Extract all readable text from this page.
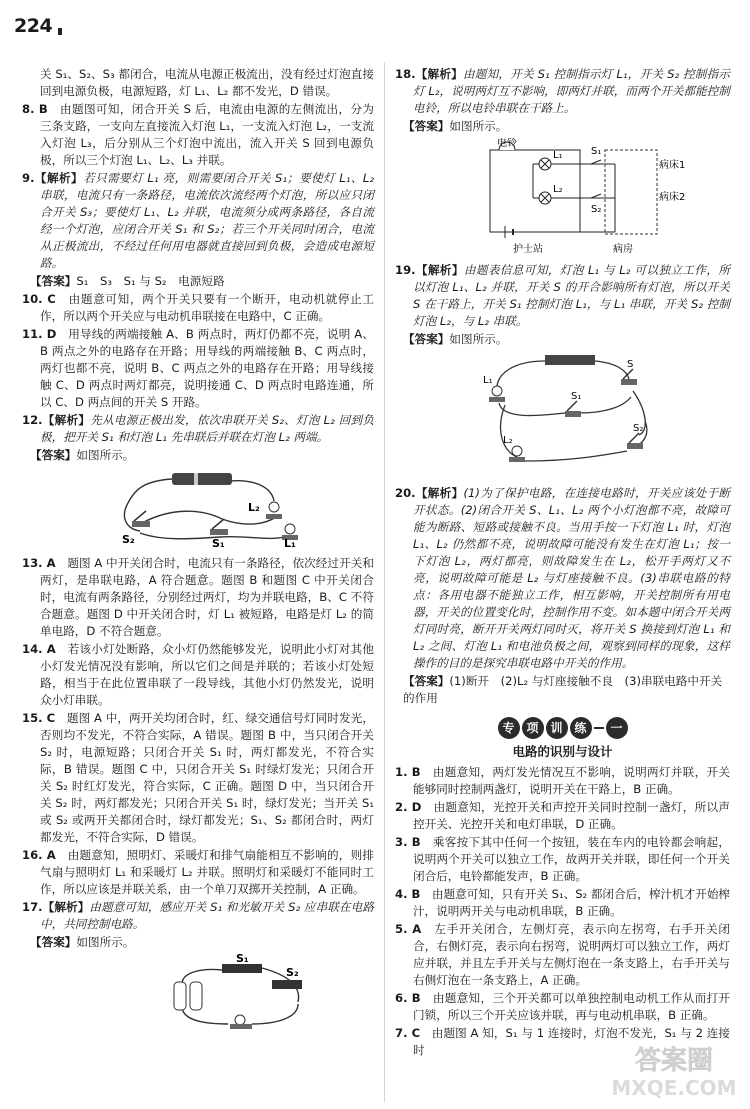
224

关 S₁、S₂、S₃ 都闭合，电流从电源正极流出，没有经过灯泡直接回到电源负极，电源短路，灯 L₁、L₂ 都不发光，D 错误。

8. B　 由题图可知，闭合开关 S 后，电流由电源的左侧流出，分为三条支路，一支向左直接流入灯泡 L₁，一支流入灯泡 L₂，一支流入灯泡 L₃，后分别从三个灯泡中流出，流入开关 S 回到电源负极，所以三个灯泡 L₁、L₂、L₃ 并联。

9.【解析】若只需要灯 L₁ 亮，则需要闭合开关 S₁；要使灯 L₁、L₂ 串联，电流只有一条路径，电流依次流经两个灯泡，所以应只闭合开关 S₃；要使灯 L₁、L₂ 并联，电流须分成两条路径，各自流经一个灯泡，应闭合开关 S₁ 和 S₂；若三个开关同时闭合，电流从正极流出，不经过任何用电器就直接回到负极，会造成电源短路。

【答案】S₁　S₃　S₁ 与 S₂　电源短路

10. C　 由题意可知，两个开关只要有一个断开，电动机就停止工作，所以两个开关应与电动机串联接在电路中，C 正确。

11. D　 用导线的两端接触 A、B 两点时，两灯仍都不亮，说明 A、B 两点之外的电路存在开路；用导线的两端接触 B、C 两点时，两灯也都不亮，说明 B、C 两点之外的电路存在开路；用导线接触 C、D 两点时两灯都亮，说明接通 C、D 两点时电路连通，所以 C、D 两点间的开关 S 开路。

12.【解析】先从电源正极出发，依次串联开关 S₂、灯泡 L₂ 回到负极，把开关 S₁ 和灯泡 L₁ 先串联后并联在灯泡 L₂ 两端。

【答案】如图所示。

S₂	S₁	L₁
L₂

13. A　 题图 A 中开关闭合时，电流只有一条路径，依次经过开关和两灯，是串联电路，A 符合题意。题图 B 和题图 C 中开关闭合时，电流有两条路径，分别经过两灯，均为并联电路，B、C 不符合题意。题图 D 中开关闭合时，灯 L₁ 被短路，电路是灯 L₂ 的简单电路，D 不符合题意。

14. A　 若该小灯处断路，众小灯仍然能够发光，说明此小灯对其他小灯发光情况没有影响，所以它们之间是并联的；若该小灯处短路，相当于在此位置串联了一段导线，其他小灯仍然发光，说明众小灯串联。

15. C　 题图 A 中，两开关均闭合时，红、绿交通信号灯同时发光，否则均不发光，不符合实际，A 错误。题图 B 中，当只闭合开关 S₂ 时，电源短路；只闭合开关 S₁ 时，两灯都发光，不符合实际，B 错误。题图 C 中，只闭合开关 S₁ 时绿灯发光；只闭合开关 S₂ 时红灯发光，符合实际，C 正确。题图 D 中，当只闭合开关 S₂ 时，两灯都发光；只闭合开关 S₁ 时，绿灯发光；当开关 S₁ 或 S₂ 或两开关都闭合时，绿灯都发光；S₁、S₂ 都闭合时，两灯都发光，不符合实际，D 错误。

16. A　 由题意知，照明灯、采暖灯和排气扇能相互不影响的，则排气扇与照明灯 L₁ 和采暖灯 L₂ 并联。照明灯和采暖灯不能同时工作，所以应该是并联关系，由一个单刀双掷开关控制，A 正确。

17.【解析】由题意可知，感应开关 S₁ 和光敏开关 S₂ 应串联在电路中，共同控制电路。

【答案】如图所示。

S₁
S₂

18.【解析】由题知，开关 S₁ 控制指示灯 L₁，开关 S₂ 控制指示灯 L₂，说明两灯互不影响，即两灯并联，而两个开关都能控制电铃，所以电铃串联在干路上。

【答案】如图所示。

电铃
L₁
L₂
S₁
S₂
病床1
病床2
护士站	病房

19.【解析】由题表信息可知，灯泡 L₁ 与 L₂ 可以独立工作，所以灯泡 L₁、L₂ 并联，开关 S 的开合影响所有灯泡，所以开关 S 在干路上，开关 S₁ 控制灯泡 L₁，与 L₁ 串联，开关 S₂ 控制灯泡 L₂，与 L₂ 串联。

【答案】如图所示。

L₁
L₂
S
S₁
S₂

20.【解析】(1)为了保护电路，在连接电路时，开关应该处于断开状态。(2)闭合开关 S、L₁、L₂ 两个小灯泡都不亮，故障可能为断路、短路或接触不良。当用手按一下灯泡 L₁ 时，灯泡 L₁、L₂ 仍然都不亮，说明故障可能没有发生在灯泡 L₁；按一下灯泡 L₂，两灯都亮，则故障发生在 L₂，松开手两灯又不亮，说明故障可能是 L₂ 与灯座接触不良。(3)串联电路的特点：各用电器不能独立工作，相互影响，开关控制所有用电器，开关的位置变化时，控制作用不变。如本题中闭合开关两灯同时亮，断开开关两灯同时灭，将开关 S 换接到灯泡 L₁ 和 L₂ 之间、灯泡 L₁ 和电池负极之间，观察到同样的现象，这样操作的目的是探究串联电路中开关的作用。

【答案】(1)断开　(2)L₂ 与灯座接触不良　(3)串联电路中开关的作用

专 项 训 练	一
电路的识别与设计

1. B　 由题意知，两灯发光情况互不影响，说明两灯并联，开关能够同时控制两盏灯，说明开关在干路上，B 正确。

2. D　 由题意知，光控开关和声控开关同时控制一盏灯，所以声控开关、光控开关和电灯串联，D 正确。

3. B　 乘客按下其中任何一个按钮，装在车内的电铃都会响起，说明两个开关可以独立工作，故两开关并联，即任何一个开关闭合后，电铃都能发声，B 正确。

4. B　 由题意可知，只有开关 S₁、S₂ 都闭合后，榨汁机才开始榨汁，说明两开关与电动机串联，B 正确。

5. A　 左手开关闭合，左侧灯亮，表示向左拐弯，右手开关闭合，右侧灯亮，表示向右拐弯，说明两灯可以独立工作，两灯应并联，并且左手开关与左侧灯泡在一条支路上，右手开关与右侧灯泡在一条支路上，A 正确。

6. B　 由题意知，三个开关都可以单独控制电动机工作从而打开门锁，所以三个开关应该并联，再与电动机串联，B 正确。

7. C　 由题图 A 知，S₁ 与 1 连接时，灯泡不发光，S₁ 与 2 连接时	答案圈
MXQE.COM
